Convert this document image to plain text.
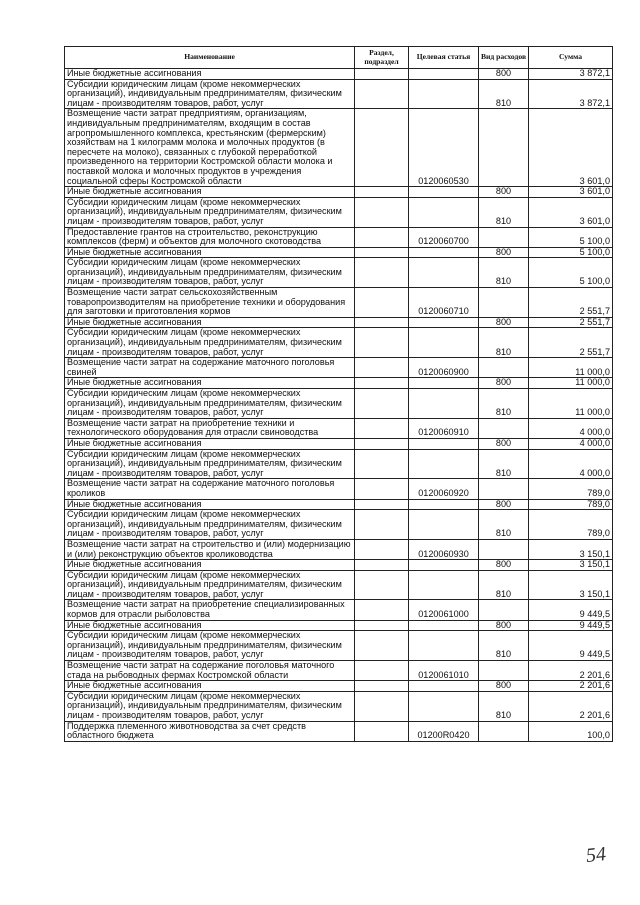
Наименование	Раздел, подраздел	Целевая статья	Вид расходов	Сумма
Иные бюджетные ассигнования			800	3 872,1
Субсидии юридическим лицам (кроме некоммерческих организаций), индивидуальным предпринимателям, физическим лицам - производителям товаров, работ, услуг			810	3 872,1
Возмещение части затрат предприятиям, организациям, индивидуальным предпринимателям, входящим в состав агропромышленного комплекса, крестьянским (фермерским) хозяйствам на 1 килограмм молока и молочных продуктов (в пересчете на молоко), связанных с глубокой переработкой произведенного на территории Костромской области молока и поставкой молока и молочных продуктов в учреждения социальной сферы Костромской области		0120060530		3 601,0
Иные бюджетные ассигнования			800	3 601,0
Субсидии юридическим лицам (кроме некоммерческих организаций), индивидуальным предпринимателям, физическим лицам - производителям товаров, работ, услуг			810	3 601,0
Предоставление грантов на строительство, реконструкцию комплексов (ферм) и объектов для молочного скотоводства		0120060700		5 100,0
Иные бюджетные ассигнования			800	5 100,0
Субсидии юридическим лицам (кроме некоммерческих организаций), индивидуальным предпринимателям, физическим лицам - производителям товаров, работ, услуг			810	5 100,0
Возмещение части затрат сельскохозяйственным товаропроизводителям на приобретение техники и оборудования для заготовки и приготовления кормов		0120060710		2 551,7
Иные бюджетные ассигнования			800	2 551,7
Субсидии юридическим лицам (кроме некоммерческих организаций), индивидуальным предпринимателям, физическим лицам - производителям товаров, работ, услуг			810	2 551,7
Возмещение части затрат на содержание маточного поголовья свиней		0120060900		11 000,0
Иные бюджетные ассигнования			800	11 000,0
Субсидии юридическим лицам (кроме некоммерческих организаций), индивидуальным предпринимателям, физическим лицам - производителям товаров, работ, услуг			810	11 000,0
Возмещение части затрат на приобретение техники и технологического оборудования для отрасли свиноводства		0120060910		4 000,0
Иные бюджетные ассигнования			800	4 000,0
Субсидии юридическим лицам (кроме некоммерческих организаций), индивидуальным предпринимателям, физическим лицам - производителям товаров, работ, услуг			810	4 000,0
Возмещение части затрат на содержание маточного поголовья кроликов		0120060920		789,0
Иные бюджетные ассигнования			800	789,0
Субсидии юридическим лицам (кроме некоммерческих организаций), индивидуальным предпринимателям, физическим лицам - производителям товаров, работ, услуг			810	789,0
Возмещение части затрат на строительство и (или) модернизацию и (или) реконструкцию объектов кролиководства		0120060930		3 150,1
Иные бюджетные ассигнования			800	3 150,1
Субсидии юридическим лицам (кроме некоммерческих организаций), индивидуальным предпринимателям, физическим лицам - производителям товаров, работ, услуг			810	3 150,1
Возмещение части затрат на приобретение специализированных кормов для отрасли рыболовства		0120061000		9 449,5
Иные бюджетные ассигнования			800	9 449,5
Субсидии юридическим лицам (кроме некоммерческих организаций), индивидуальным предпринимателям, физическим лицам - производителям товаров, работ, услуг			810	9 449,5
Возмещение части затрат на содержание поголовья маточного стада на рыбоводных фермах Костромской области		0120061010		2 201,6
Иные бюджетные ассигнования			800	2 201,6
Субсидии юридическим лицам (кроме некоммерческих организаций), индивидуальным предпринимателям, физическим лицам - производителям товаров, работ, услуг			810	2 201,6
Поддержка племенного животноводства за счет средств областного бюджета		01200R0420		100,0
54
